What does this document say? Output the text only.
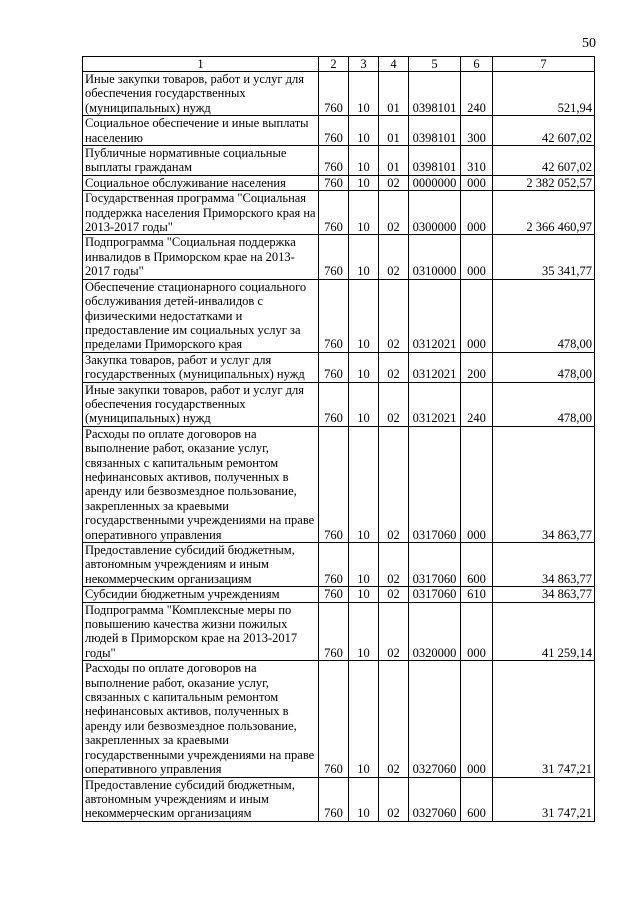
50
1	2	3	4	5	6	7
Иные закупки товаров, работ и услуг для обеспечения государственных (муниципальных) нужд	760	10	01	0398101	240	521,94
Социальное обеспечение и иные выплаты населению	760	10	01	0398101	300	42 607,02
Публичные нормативные социальные выплаты гражданам	760	10	01	0398101	310	42 607,02
Социальное обслуживание населения	760	10	02	0000000	000	2 382 052,57
Государственная программа "Социальная поддержка населения Приморского края на 2013-2017 годы"	760	10	02	0300000	000	2 366 460,97
Подпрограмма "Социальная поддержка инвалидов в Приморском крае на 2013-2017 годы"	760	10	02	0310000	000	35 341,77
Обеспечение стационарного социального обслуживания детей-инвалидов с физическими недостатками и предоставление им социальных услуг за пределами Приморского края	760	10	02	0312021	000	478,00
Закупка товаров, работ и услуг для государственных (муниципальных) нужд	760	10	02	0312021	200	478,00
Иные закупки товаров, работ и услуг для обеспечения государственных (муниципальных) нужд	760	10	02	0312021	240	478,00
Расходы по оплате договоров на выполнение работ, оказание услуг, связанных с капитальным ремонтом нефинансовых активов, полученных в аренду или безвозмездное пользование, закрепленных за краевыми государственными учреждениями на праве оперативного управления	760	10	02	0317060	000	34 863,77
Предоставление субсидий бюджетным, автономным учреждениям и иным некоммерческим организациям	760	10	02	0317060	600	34 863,77
Субсидии бюджетным учреждениям	760	10	02	0317060	610	34 863,77
Подпрограмма "Комплексные меры по повышению качества жизни пожилых людей в Приморском крае на 2013-2017 годы"	760	10	02	0320000	000	41 259,14
Расходы по оплате договоров на выполнение работ, оказание услуг, связанных с капитальным ремонтом нефинансовых активов, полученных в аренду или безвозмездное пользование, закрепленных за краевыми государственными учреждениями на праве оперативного управления	760	10	02	0327060	000	31 747,21
Предоставление субсидий бюджетным, автономным учреждениям и иным некоммерческим организациям	760	10	02	0327060	600	31 747,21
